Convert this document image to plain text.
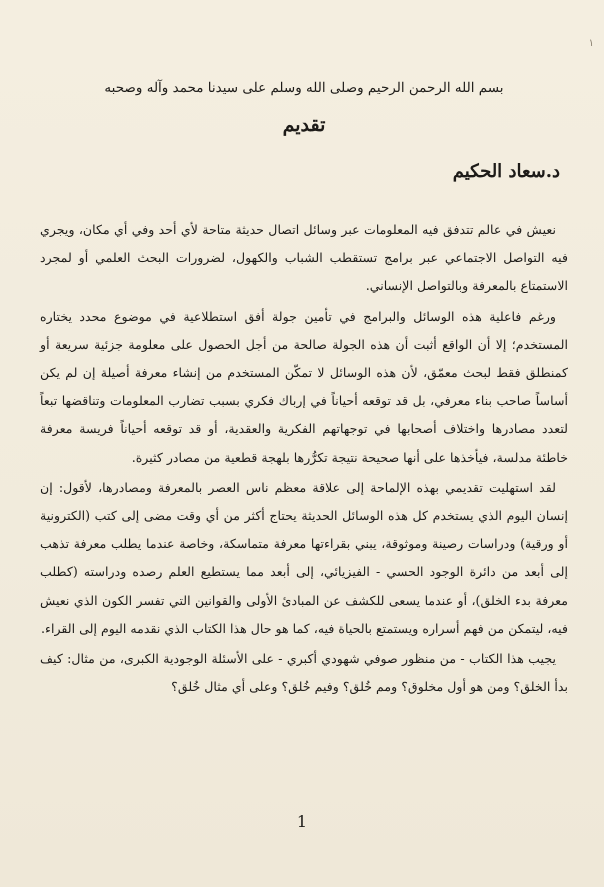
١
بسم الله الرحمن الرحيم وصلى الله وسلم على سيدنا محمد وآله وصحبه
تقديم
د.سعاد الحكيم

نعيش في عالم تتدفق فيه المعلومات عبر وسائل اتصال حديثة متاحة لأي أحد وفي أي مكان، ويجري فيه التواصل الاجتماعي عبر برامج تستقطب الشباب والكهول، لضرورات البحث العلمي أو لمجرد الاستمتاع بالمعرفة وبالتواصل الإنساني.

ورغم فاعلية هذه الوسائل والبرامج في تأمين جولة أفق استطلاعية في موضوع محدد يختاره المستخدم؛ إلا أن الواقع أثبت أن هذه الجولة صالحة من أجل الحصول على معلومة جزئية سريعة أو كمنطلق فقط لبحث معمّق، لأن هذه الوسائل لا تمكّن المستخدم من إنشاء معرفة أصيلة إن لم يكن أساساً صاحب بناء معرفي، بل قد توقعه أحياناً في إرباك فكري بسبب تضارب المعلومات وتناقضها تبعاً لتعدد مصادرها واختلاف أصحابها في توجهاتهم الفكرية والعقدية، أو قد توقعه أحياناً فريسة معرفة خاطئة مدلسة، فيأخذها على أنها صحيحة نتيجة تكرُّرها بلهجة قطعية من مصادر كثيرة.

لقد استهليت تقديمي بهذه الإلماحة إلى علاقة معظم ناس العصر بالمعرفة ومصادرها، لأقول: إن إنسان اليوم الذي يستخدم كل هذه الوسائل الحديثة يحتاج أكثر من أي وقت مضى إلى كتب (الكترونية أو ورقية) ودراسات رصينة وموثوقة، يبني بقراءتها معرفة متماسكة، وخاصة عندما يطلب معرفة تذهب إلى أبعد من دائرة الوجود الحسي - الفيزيائي، إلى أبعد مما يستطيع العلم رصده ودراسته (كطلب معرفة بدء الخلق)، أو عندما يسعى للكشف عن المبادئ الأولى والقوانين التي تفسر الكون الذي نعيش فيه، ليتمكن من فهم أسراره ويستمتع بالحياة فيه، كما هو حال هذا الكتاب الذي نقدمه اليوم إلى القراء.

يجيب هذا الكتاب - من منظور صوفي شهودي أكبري - على الأسئلة الوجودية الكبرى، من مثال: كيف بدأ الخلق؟ ومن هو أول مخلوق؟ ومم خُلق؟ وفيم خُلق؟ وعلى أي مثال خُلق؟

1
